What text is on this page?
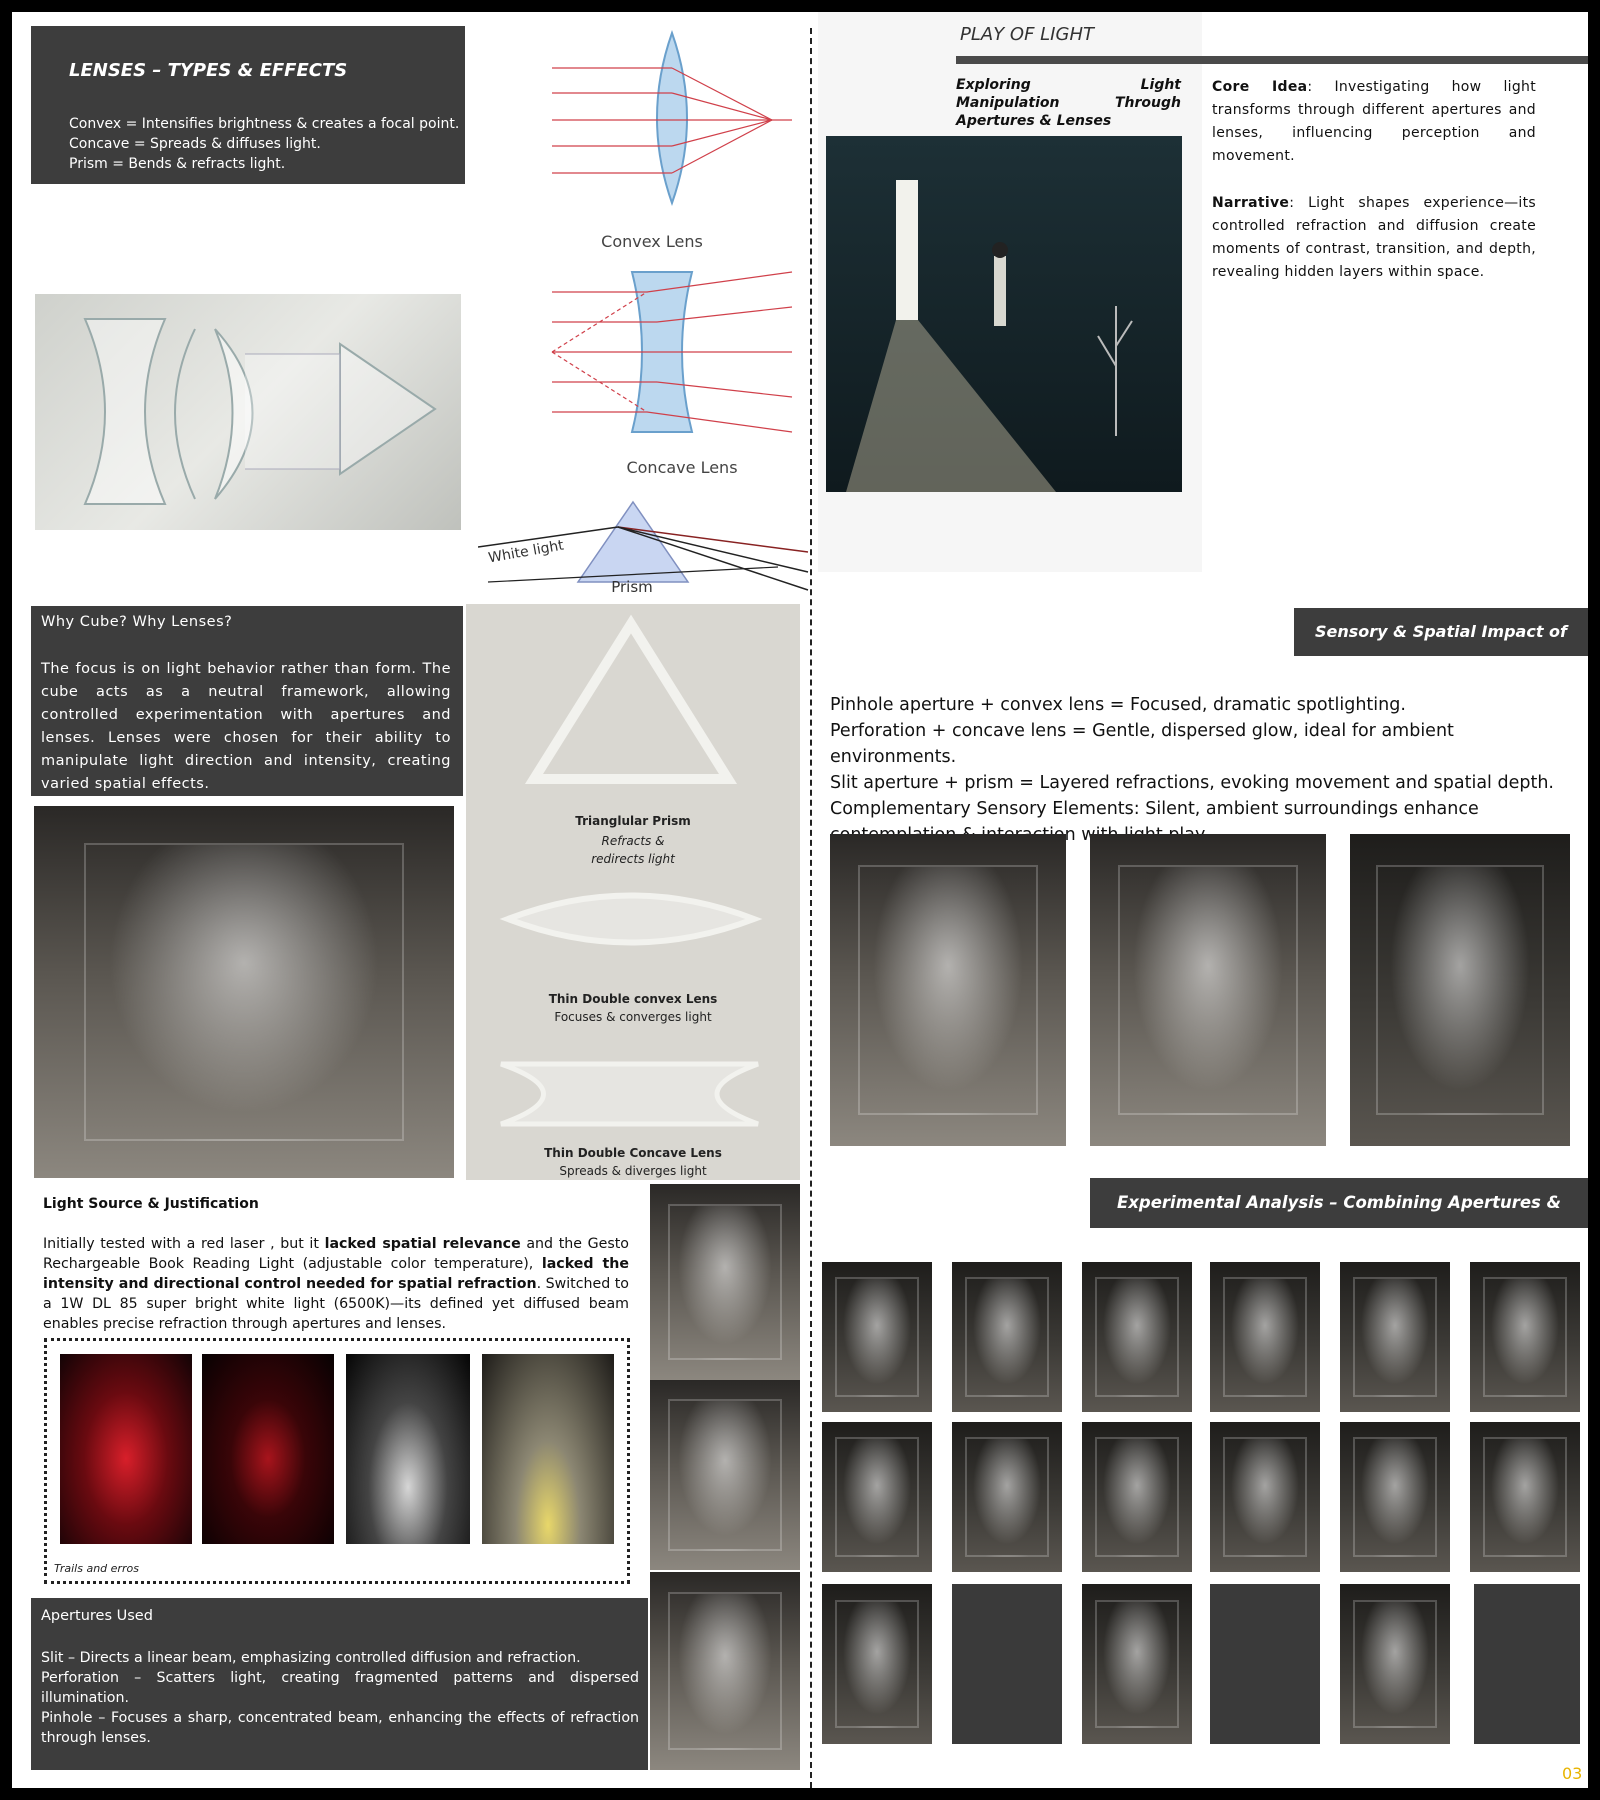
LENSES – TYPES & EFFECTS
Convex = Intensifies brightness & creates a focal point.
Concave = Spreads & diffuses light.
Prism = Bends & refracts light.
Convex Lens
Concave Lens
White light
Prism
PLAY OF LIGHT
Exploring Light Manipulation Through Apertures & Lenses
Core Idea: Investigating how light transforms through different apertures and lenses, influencing perception and movement.
Narrative: Light shapes experience—its controlled refraction and diffusion create moments of contrast, transition, and depth, revealing hidden layers within space.
Why Cube? Why Lenses?
The focus is on light behavior rather than form. The cube acts as a neutral framework, allowing controlled experimentation with apertures and lenses. Lenses were chosen for their ability to manipulate light direction and intensity, creating varied spatial effects.
Trianglular Prism
Refracts & redirects light
Thin Double convex Lens
Focuses & converges light
Thin Double Concave Lens
Spreads & diverges light
Sensory & Spatial Impact of Light
Pinhole aperture + convex lens = Focused, dramatic spotlighting.
Perforation + concave lens = Gentle, dispersed glow, ideal for ambient environments.
Slit aperture + prism = Layered refractions, evoking movement and spatial depth.
Complementary Sensory Elements: Silent, ambient surroundings enhance
Light Source & Justification
Initially tested with a red laser , but it lacked spatial relevance and the Gesto Rechargeable Book Reading Light (adjustable color temperature), lacked the intensity and directional control needed for spatial refraction. Switched to a 1W DL 85 super bright white light (6500K)—its defined yet diffused beam enables precise refraction through apertures and lenses.
Trails and erros
Apertures Used
Slit – Directs a linear beam, emphasizing controlled diffusion and refraction.
Perforation – Scatters light, creating fragmented patterns and dispersed illumination.
Pinhole – Focuses a sharp, concentrated beam, enhancing the effects of refraction through lenses.
Experimental Analysis – Combining Apertures & Lenses
03
